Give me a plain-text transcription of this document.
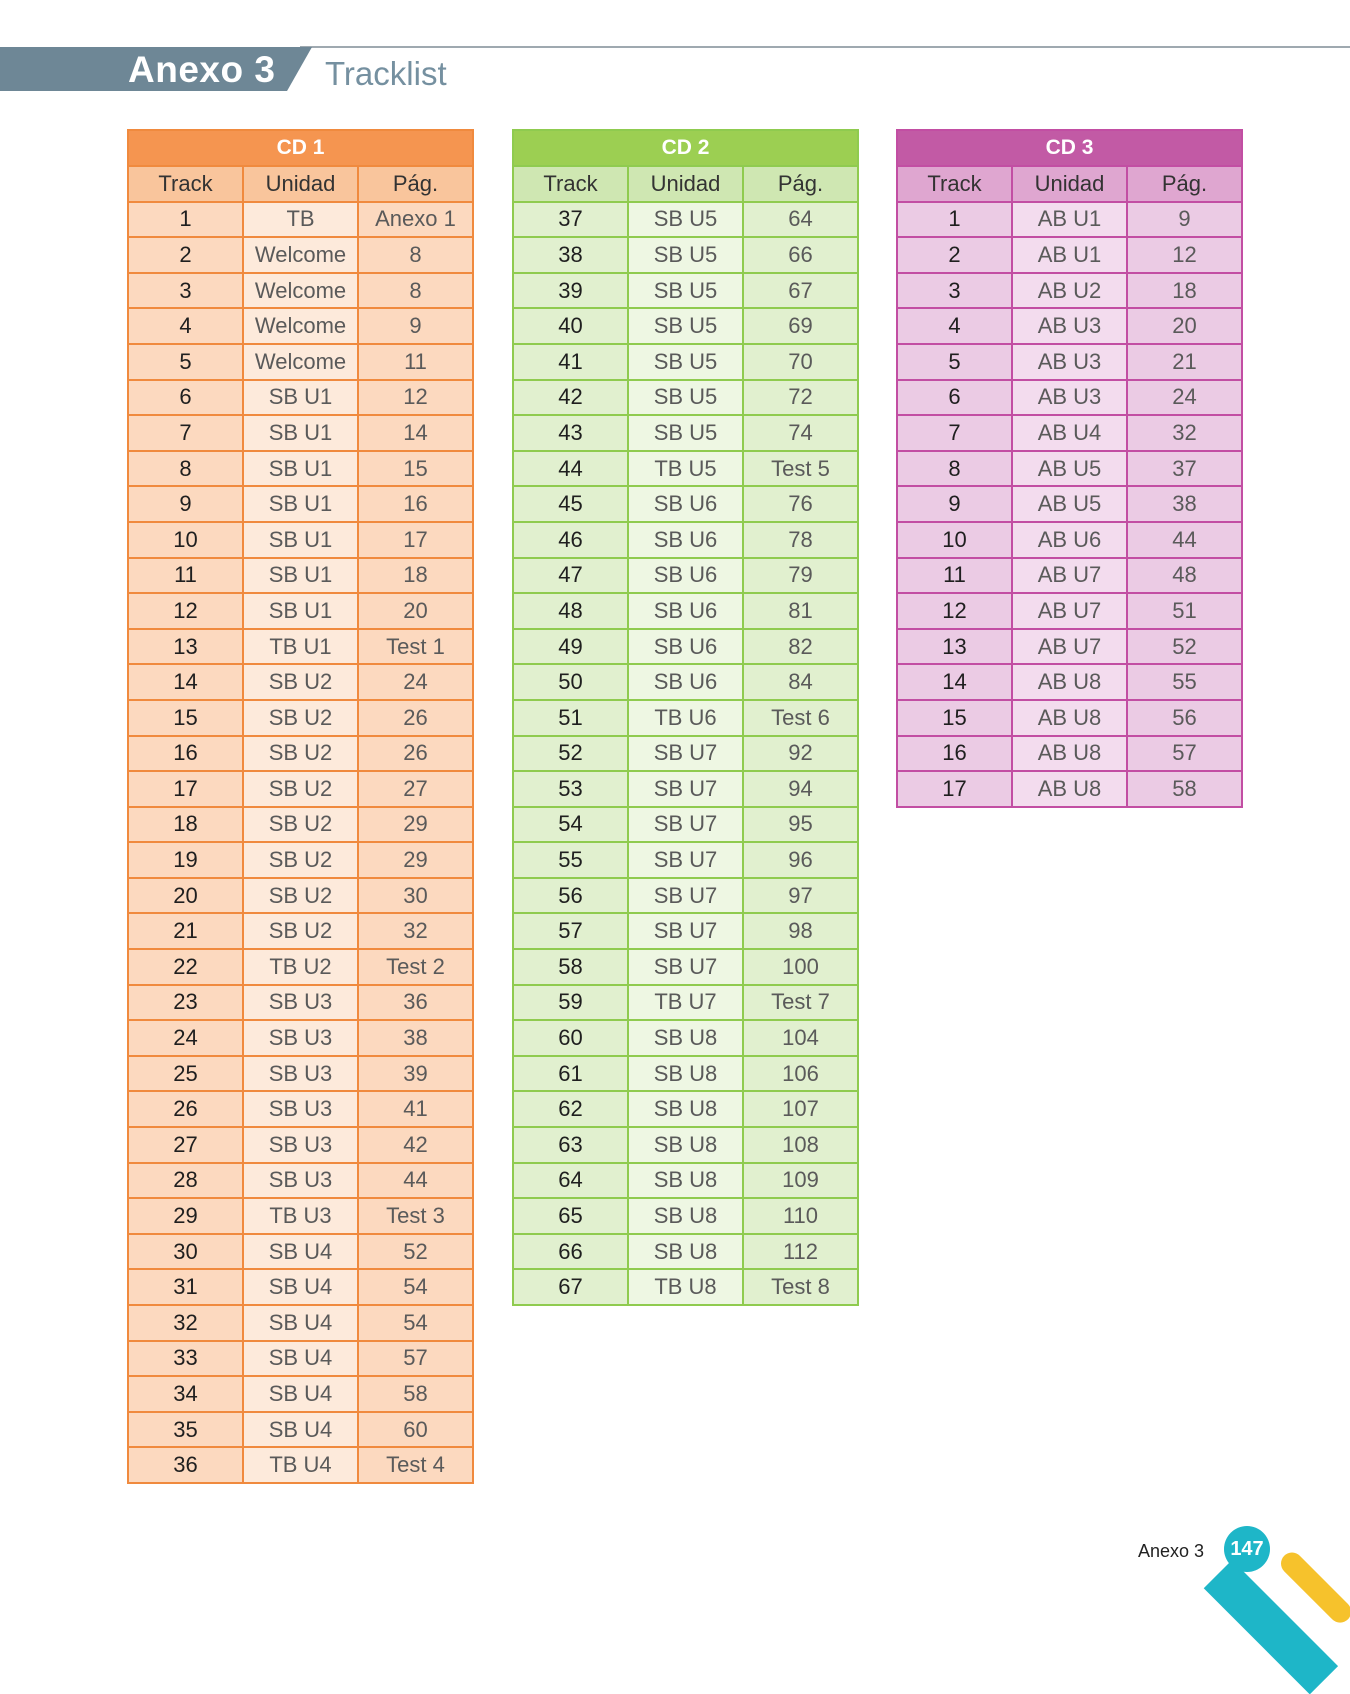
Anexo 3 Tracklist
CD 1		
Track	Unidad	Pág.
1	TB	Anexo 1
2	Welcome	8
3	Welcome	8
4	Welcome	9
5	Welcome	11
6	SB U1	12
7	SB U1	14
8	SB U1	15
9	SB U1	16
10	SB U1	17
11	SB U1	18
12	SB U1	20
13	TB U1	Test 1
14	SB U2	24
15	SB U2	26
16	SB U2	26
17	SB U2	27
18	SB U2	29
19	SB U2	29
20	SB U2	30
21	SB U2	32
22	TB U2	Test 2
23	SB U3	36
24	SB U3	38
25	SB U3	39
26	SB U3	41
27	SB U3	42
28	SB U3	44
29	TB U3	Test 3
30	SB U4	52
31	SB U4	54
32	SB U4	54
33	SB U4	57
34	SB U4	58
35	SB U4	60
36	TB U4	Test 4
CD 2		
Track	Unidad	Pág.
37	SB U5	64
38	SB U5	66
39	SB U5	67
40	SB U5	69
41	SB U5	70
42	SB U5	72
43	SB U5	74
44	TB U5	Test 5
45	SB U6	76
46	SB U6	78
47	SB U6	79
48	SB U6	81
49	SB U6	82
50	SB U6	84
51	TB U6	Test 6
52	SB U7	92
53	SB U7	94
54	SB U7	95
55	SB U7	96
56	SB U7	97
57	SB U7	98
58	SB U7	100
59	TB U7	Test 7
60	SB U8	104
61	SB U8	106
62	SB U8	107
63	SB U8	108
64	SB U8	109
65	SB U8	110
66	SB U8	112
67	TB U8	Test 8
CD 3		
Track	Unidad	Pág.
1	AB U1	9
2	AB U1	12
3	AB U2	18
4	AB U3	20
5	AB U3	21
6	AB U3	24
7	AB U4	32
8	AB U5	37
9	AB U5	38
10	AB U6	44
11	AB U7	48
12	AB U7	51
13	AB U7	52
14	AB U8	55
15	AB U8	56
16	AB U8	57
17	AB U8	58
Anexo 3	147
